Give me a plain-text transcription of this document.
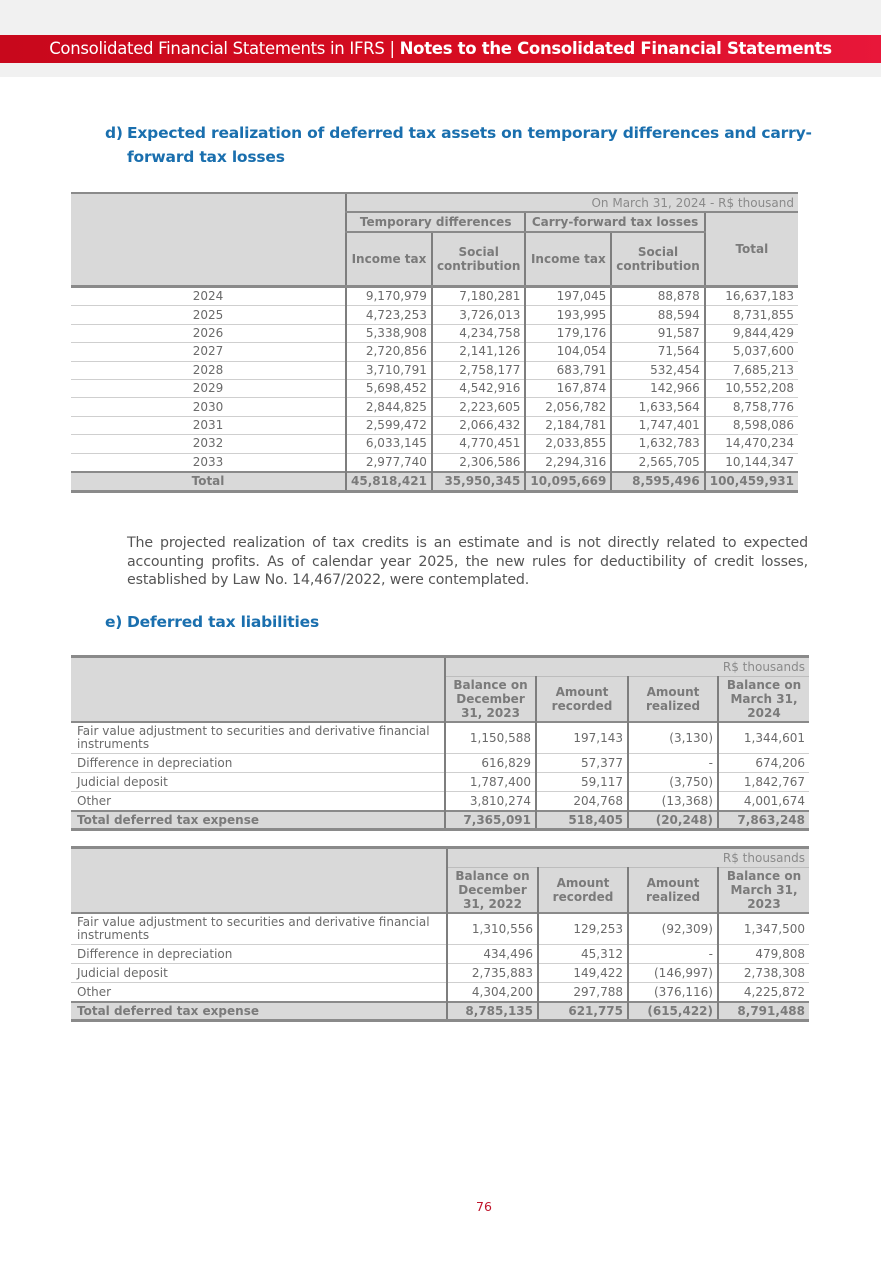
Consolidated Financial Statements in IFRS | Notes to the Consolidated Financial Statements
d) Expected realization of deferred tax assets on temporary differences and carry-forward tax losses
	On March 31, 2024 - R$ thousand				
	Temporary differences		Carry-forward tax losses		Total
	Income tax	Social contribution	Income tax	Social contribution	
2024	9,170,979	7,180,281	197,045	88,878	16,637,183
2025	4,723,253	3,726,013	193,995	88,594	8,731,855
2026	5,338,908	4,234,758	179,176	91,587	9,844,429
2027	2,720,856	2,141,126	104,054	71,564	5,037,600
2028	3,710,791	2,758,177	683,791	532,454	7,685,213
2029	5,698,452	4,542,916	167,874	142,966	10,552,208
2030	2,844,825	2,223,605	2,056,782	1,633,564	8,758,776
2031	2,599,472	2,066,432	2,184,781	1,747,401	8,598,086
2032	6,033,145	4,770,451	2,033,855	1,632,783	14,470,234
2033	2,977,740	2,306,586	2,294,316	2,565,705	10,144,347
Total	45,818,421	35,950,345	10,095,669	8,595,496	100,459,931
The projected realization of tax credits is an estimate and is not directly related to expected accounting profits. As of calendar year 2025, the new rules for deductibility of credit losses, established by Law No. 14,467/2022, were contemplated.
e) Deferred tax liabilities
	R$ thousands			
	Balance on December 31, 2023	Amount recorded	Amount realized	Balance on March 31, 2024
Fair value adjustment to securities and derivative financial instruments	1,150,588	197,143	(3,130)	1,344,601
Difference in depreciation	616,829	57,377	-	674,206
Judicial deposit	1,787,400	59,117	(3,750)	1,842,767
Other	3,810,274	204,768	(13,368)	4,001,674
Total deferred tax expense	7,365,091	518,405	(20,248)	7,863,248
	R$ thousands			
	Balance on December 31, 2022	Amount recorded	Amount realized	Balance on March 31, 2023
Fair value adjustment to securities and derivative financial instruments	1,310,556	129,253	(92,309)	1,347,500
Difference in depreciation	434,496	45,312	-	479,808
Judicial deposit	2,735,883	149,422	(146,997)	2,738,308
Other	4,304,200	297,788	(376,116)	4,225,872
Total deferred tax expense	8,785,135	621,775	(615,422)	8,791,488
76
